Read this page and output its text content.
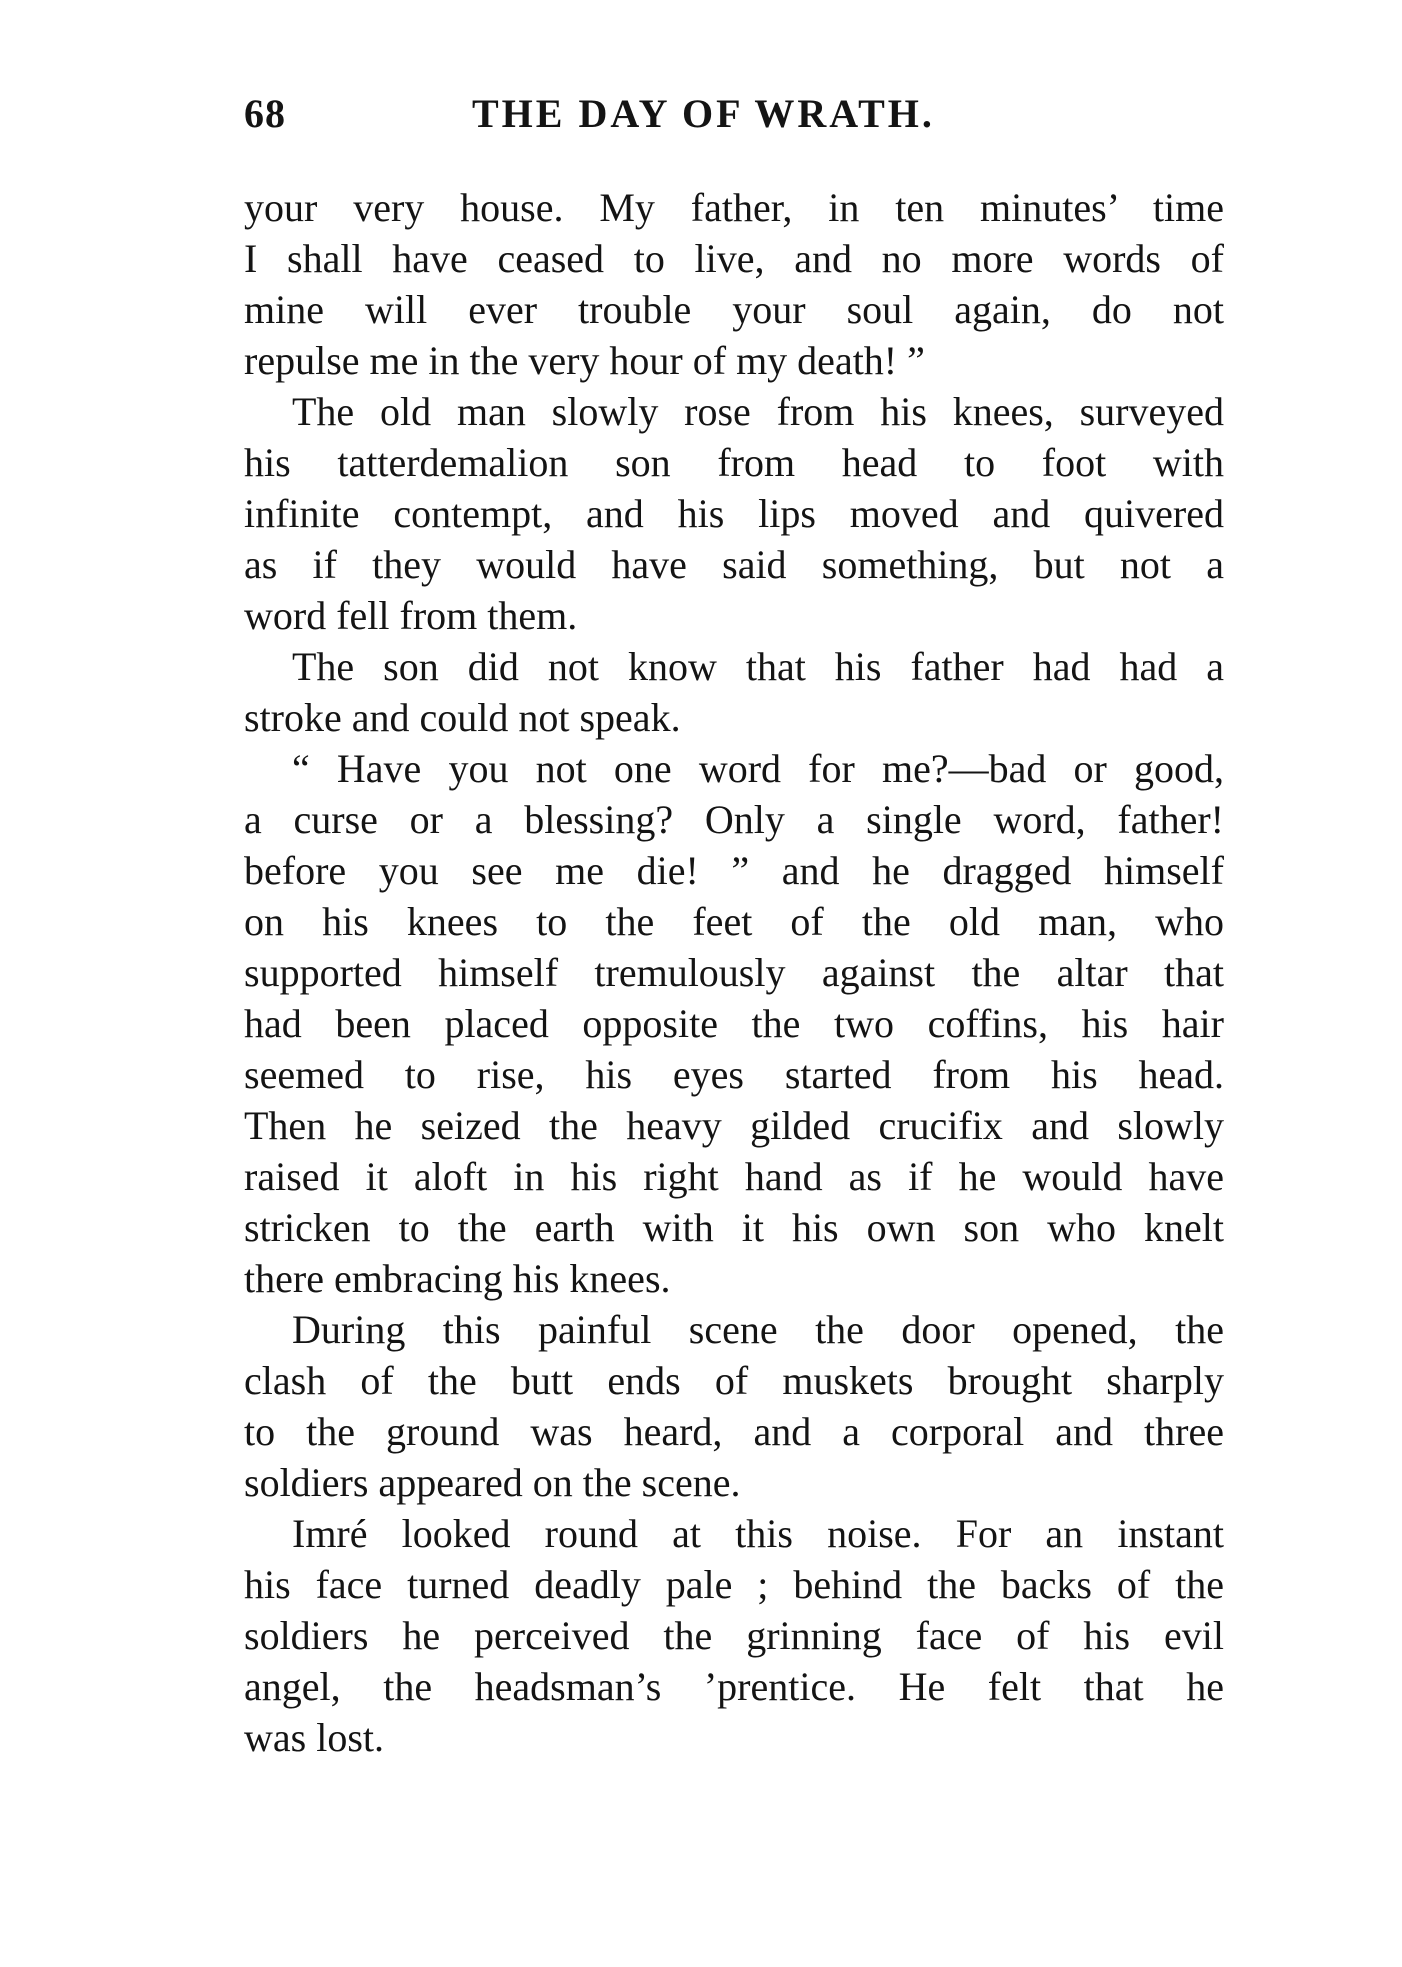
68	THE DAY OF WRATH.
your very house. My father, in ten minutes’ time
I shall have ceased to live, and no more words of
mine will ever trouble your soul again, do not
repulse me in the very hour of my death! ”
The old man slowly rose from his knees, surveyed
his tatterdemalion son from head to foot with
infinite contempt, and his lips moved and quivered
as if they would have said something, but not a
word fell from them.
The son did not know that his father had had a
stroke and could not speak.
“ Have you not one word for me?—bad or good,
a curse or a blessing? Only a single word, father!
before you see me die! ” and he dragged himself
on his knees to the feet of the old man, who
supported himself tremulously against the altar that
had been placed opposite the two coffins, his hair
seemed to rise, his eyes started from his head.
Then he seized the heavy gilded crucifix and slowly
raised it aloft in his right hand as if he would have
stricken to the earth with it his own son who knelt
there embracing his knees.
During this painful scene the door opened, the
clash of the butt ends of muskets brought sharply
to the ground was heard, and a corporal and three
soldiers appeared on the scene.
Imré looked round at this noise. For an instant
his face turned deadly pale ; behind the backs of the
soldiers he perceived the grinning face of his evil
angel, the headsman’s ’prentice. He felt that he
was lost.
